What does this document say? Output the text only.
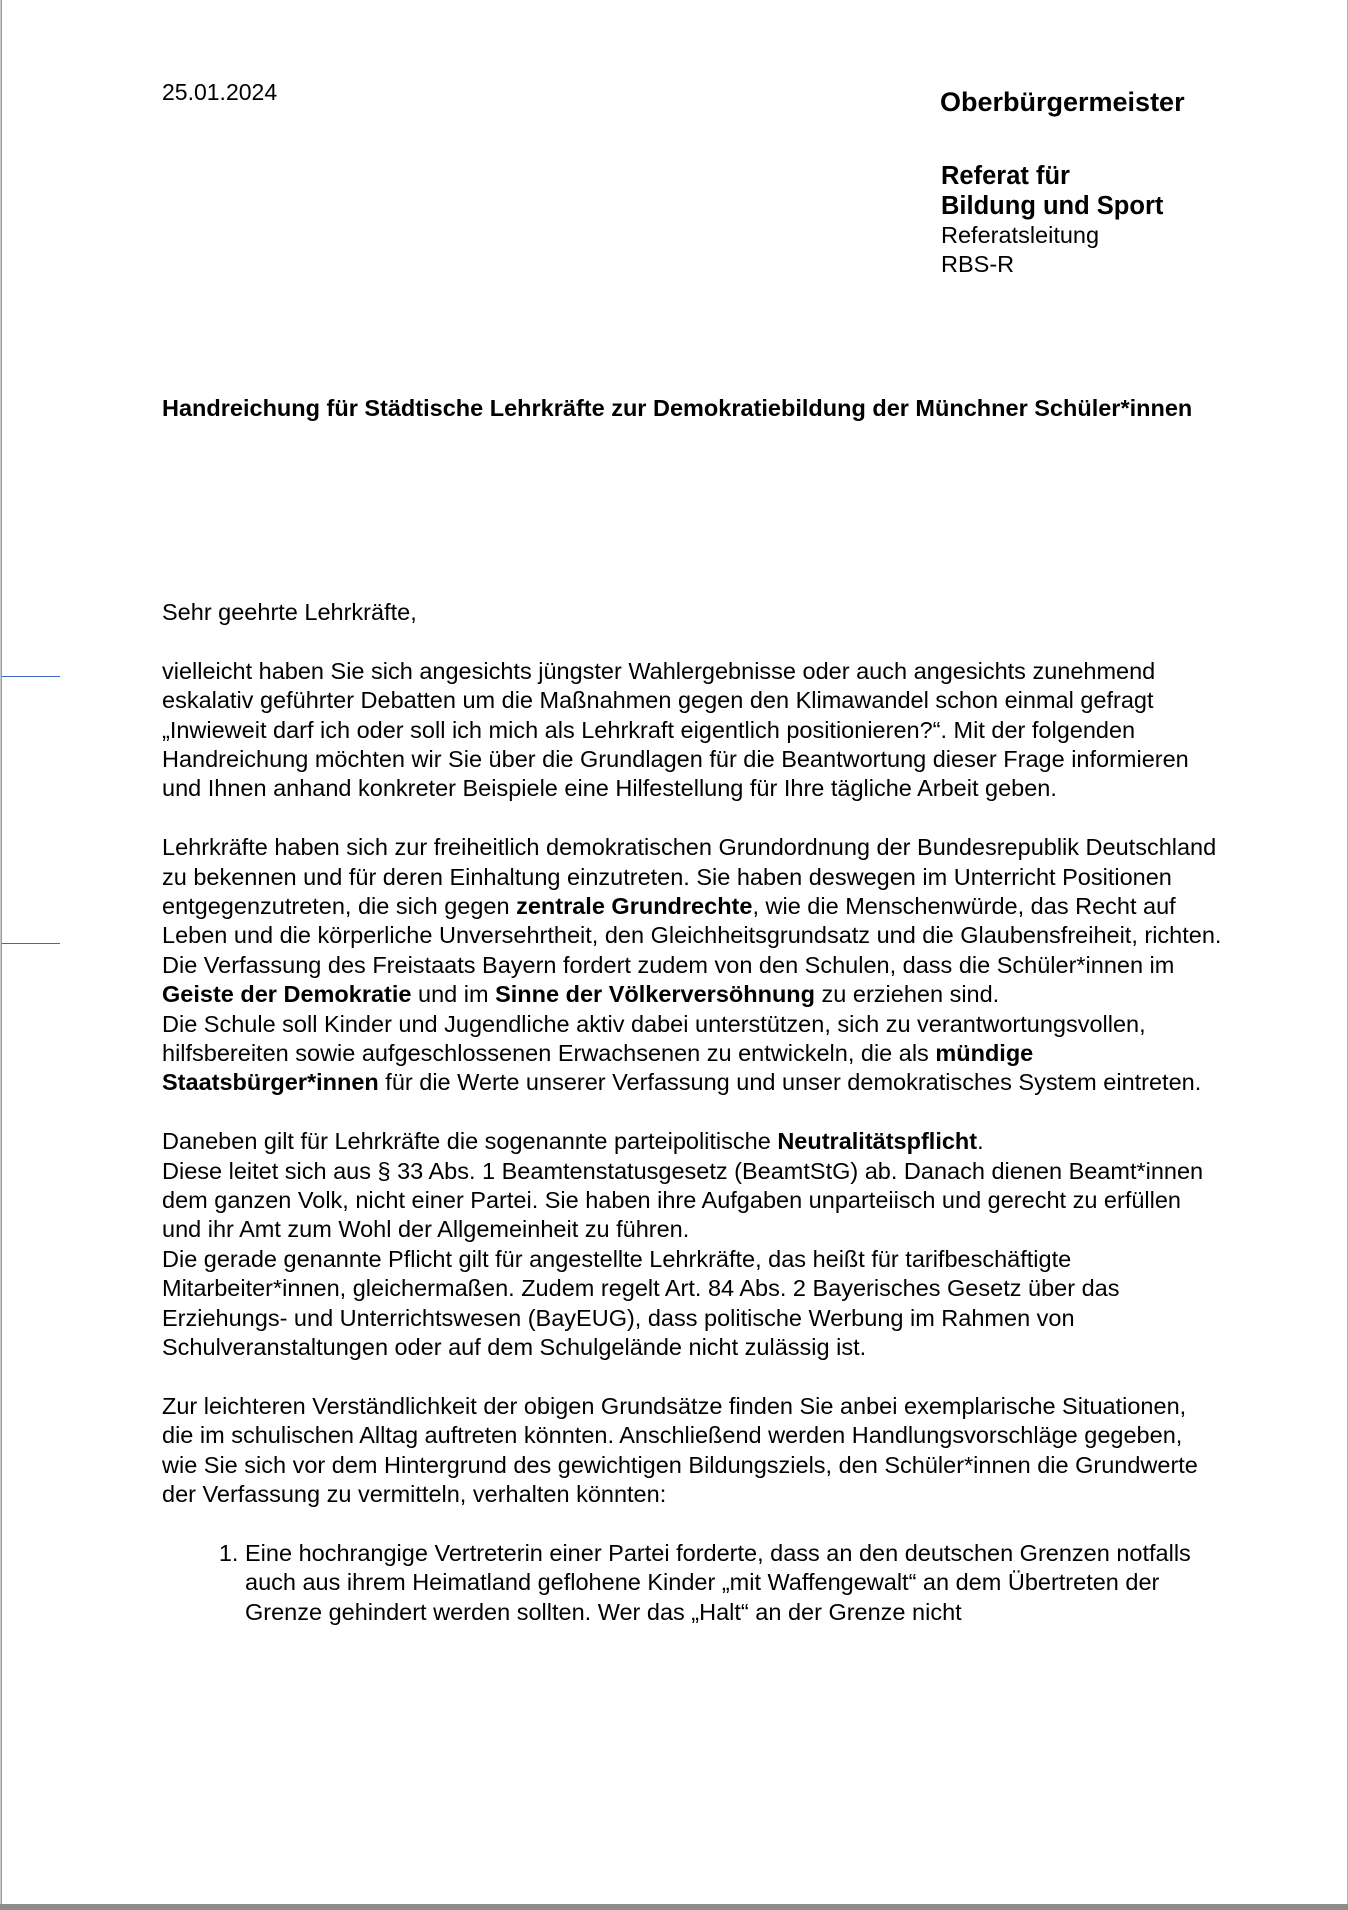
25.01.2024	Oberbürgermeister
Referat für
Bildung und Sport
Referatsleitung
RBS-R
Handreichung für Städtische Lehrkräfte zur Demokratiebildung der Münchner Schüler*innen

Sehr geehrte Lehrkräfte,

vielleicht haben Sie sich angesichts jüngster Wahlergebnisse oder auch angesichts zunehmend eskalativ geführter Debatten um die Maßnahmen gegen den Klimawandel schon einmal gefragt „Inwieweit darf ich oder soll ich mich als Lehrkraft eigentlich positionieren?“. Mit der folgenden Handreichung möchten wir Sie über die Grundlagen für die Beantwortung dieser Frage informieren und Ihnen anhand konkreter Beispiele eine Hilfestellung für Ihre tägliche Arbeit geben.

Lehrkräfte haben sich zur freiheitlich demokratischen Grundordnung der Bundesrepublik Deutschland zu bekennen und für deren Einhaltung einzutreten. Sie haben deswegen im Unterricht Positionen entgegenzutreten, die sich gegen zentrale Grundrechte, wie die Menschenwürde, das Recht auf Leben und die körperliche Unversehrtheit, den Gleichheitsgrundsatz und die Glaubensfreiheit, richten. Die Verfassung des Freistaats Bayern fordert zudem von den Schulen, dass die Schüler*innen im Geiste der Demokratie und im Sinne der Völkerversöhnung zu erziehen sind.
Die Schule soll Kinder und Jugendliche aktiv dabei unterstützen, sich zu verantwortungsvollen, hilfsbereiten sowie aufgeschlossenen Erwachsenen zu entwickeln, die als mündige Staatsbürger*innen für die Werte unserer Verfassung und unser demokratisches System eintreten.

Daneben gilt für Lehrkräfte die sogenannte parteipolitische Neutralitätspflicht.
Diese leitet sich aus § 33 Abs. 1 Beamtenstatusgesetz (BeamtStG) ab. Danach dienen Beamt*innen dem ganzen Volk, nicht einer Partei. Sie haben ihre Aufgaben unparteiisch und gerecht zu erfüllen und ihr Amt zum Wohl der Allgemeinheit zu führen.
Die gerade genannte Pflicht gilt für angestellte Lehrkräfte, das heißt für tarifbeschäftigte Mitarbeiter*innen, gleichermaßen. Zudem regelt Art. 84 Abs. 2 Bayerisches Gesetz über das Erziehungs- und Unterrichtswesen (BayEUG), dass politische Werbung im Rahmen von Schulveranstaltungen oder auf dem Schulgelände nicht zulässig ist.

Zur leichteren Verständlichkeit der obigen Grundsätze finden Sie anbei exemplarische Situationen, die im schulischen Alltag auftreten könnten. Anschließend werden Handlungsvorschläge gegeben, wie Sie sich vor dem Hintergrund des gewichtigen Bildungsziels, den Schüler*innen die Grundwerte der Verfassung zu vermitteln, verhalten könnten:

1. Eine hochrangige Vertreterin einer Partei forderte, dass an den deutschen Grenzen notfalls auch aus ihrem Heimatland geflohene Kinder „mit Waffengewalt“ an dem Übertreten der Grenze gehindert werden sollten. Wer das „Halt“ an der Grenze nicht
